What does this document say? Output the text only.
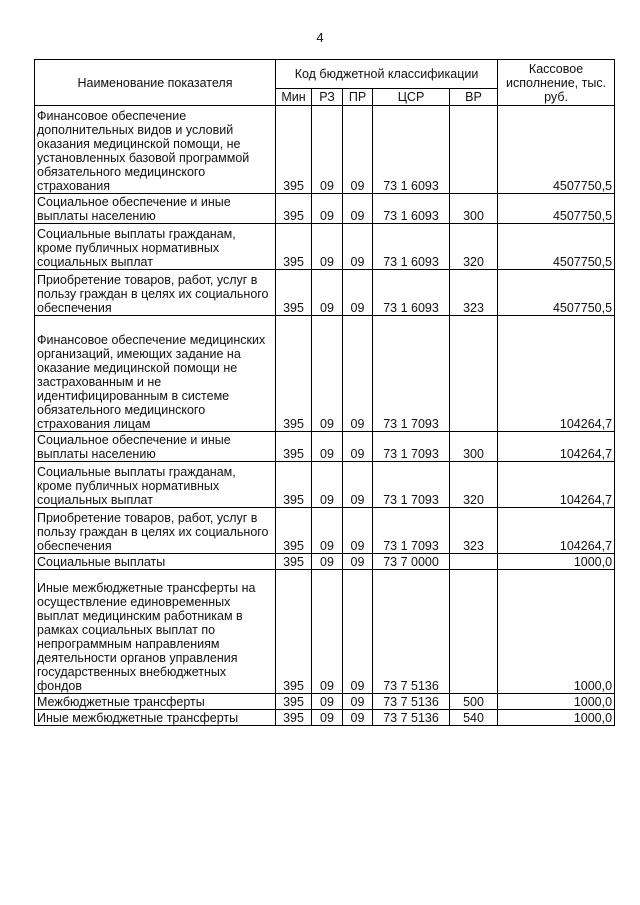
4
Наименование показателя	Код бюджетной классификации					Кассовое исполнение, тыс. руб.
	Мин	РЗ	ПР	ЦСР	ВР	
Финансовое обеспечение дополнительных видов и условий оказания медицинской помощи, не установленных базовой программой обязательного медицинского страхования	395	09	09	73 1 6093		4507750,5
Социальное обеспечение и иные выплаты населению	395	09	09	73 1 6093	300	4507750,5
Социальные выплаты гражданам, кроме публичных нормативных социальных выплат	395	09	09	73 1 6093	320	4507750,5
Приобретение товаров, работ, услуг в пользу граждан в целях их социального обеспечения	395	09	09	73 1 6093	323	4507750,5
Финансовое обеспечение медицинских организаций, имеющих задание на оказание медицинской помощи не застрахованным и не идентифицированным в системе обязательного медицинского страхования лицам	395	09	09	73 1 7093		104264,7
Социальное обеспечение и иные выплаты населению	395	09	09	73 1 7093	300	104264,7
Социальные выплаты гражданам, кроме публичных нормативных социальных выплат	395	09	09	73 1 7093	320	104264,7
Приобретение товаров, работ, услуг в пользу граждан в целях их социального обеспечения	395	09	09	73 1 7093	323	104264,7
Социальные выплаты	395	09	09	73 7 0000		1000,0
Иные межбюджетные трансферты на осуществление единовременных выплат медицинским работникам в рамках социальных выплат по непрограммным направлениям деятельности органов управления государственных внебюджетных фондов	395	09	09	73 7 5136		1000,0
Межбюджетные трансферты	395	09	09	73 7 5136	500	1000,0
Иные межбюджетные трансферты	395	09	09	73 7 5136	540	1000,0
